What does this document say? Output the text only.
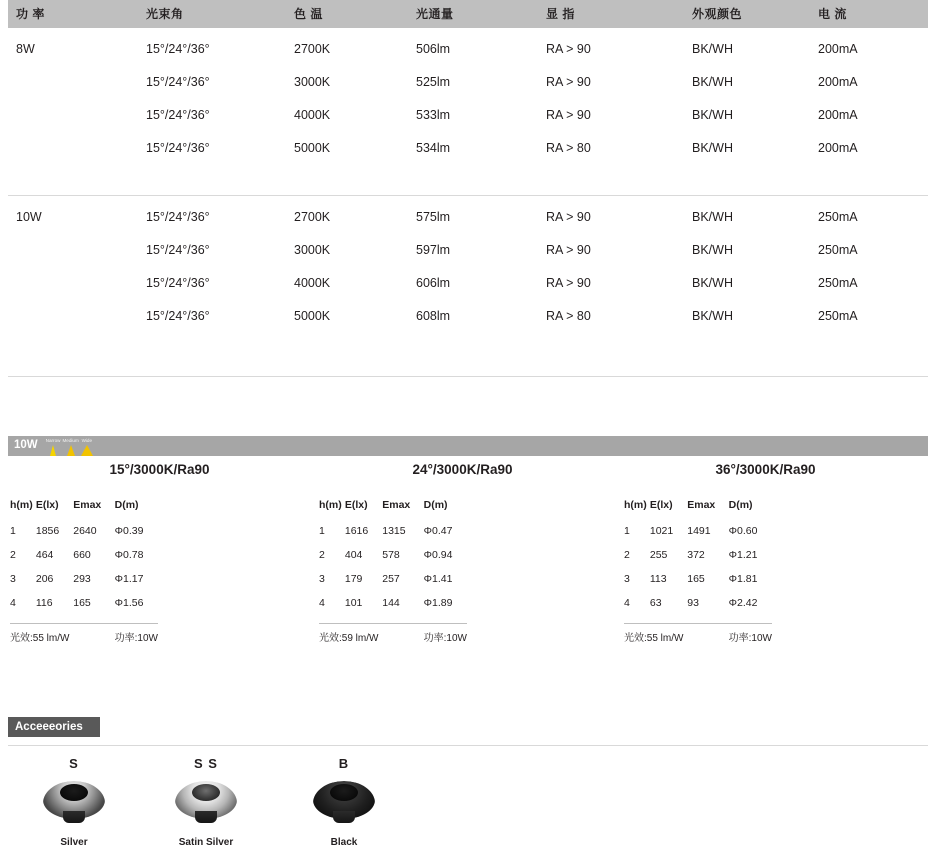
功 率	光束角	色 温	光通量	显 指	外观颜色	电 流
8W	15°/24°/36°	2700K	506lm	RA > 90	BK/WH	200mA
	15°/24°/36°	3000K	525lm	RA > 90	BK/WH	200mA
	15°/24°/36°	4000K	533lm	RA > 90	BK/WH	200mA
	15°/24°/36°	5000K	534lm	RA > 80	BK/WH	200mA

10W	15°/24°/36°	2700K	575lm	RA > 90	BK/WH	250mA
	15°/24°/36°	3000K	597lm	RA > 90	BK/WH	250mA
	15°/24°/36°	4000K	606lm	RA > 90	BK/WH	250mA
	15°/24°/36°	5000K	608lm	RA > 80	BK/WH	250mA

10W Narrow Medium Wide
15°/3000K/Ra90
h(m)	E(lx)	Emax	D(m)
1	1856	2640	Φ0.39
2	464	660	Φ0.78
3	206	293	Φ1.17
4	116	165	Φ1.56
光效:55 lm/W	功率:10W
24°/3000K/Ra90
h(m)	E(lx)	Emax	D(m)
1	1616	1315	Φ0.47
2	404	578	Φ0.94
3	179	257	Φ1.41
4	101	144	Φ1.89
光效:59 lm/W	功率:10W
36°/3000K/Ra90
h(m)	E(lx)	Emax	D(m)
1	1021	1491	Φ0.60
2	255	372	Φ1.21
3	113	165	Φ1.81
4	63	93	Φ2.42
光效:55 lm/W	功率:10W
Acceeeories
S
Silver
S S
Satin Silver
B
Black
